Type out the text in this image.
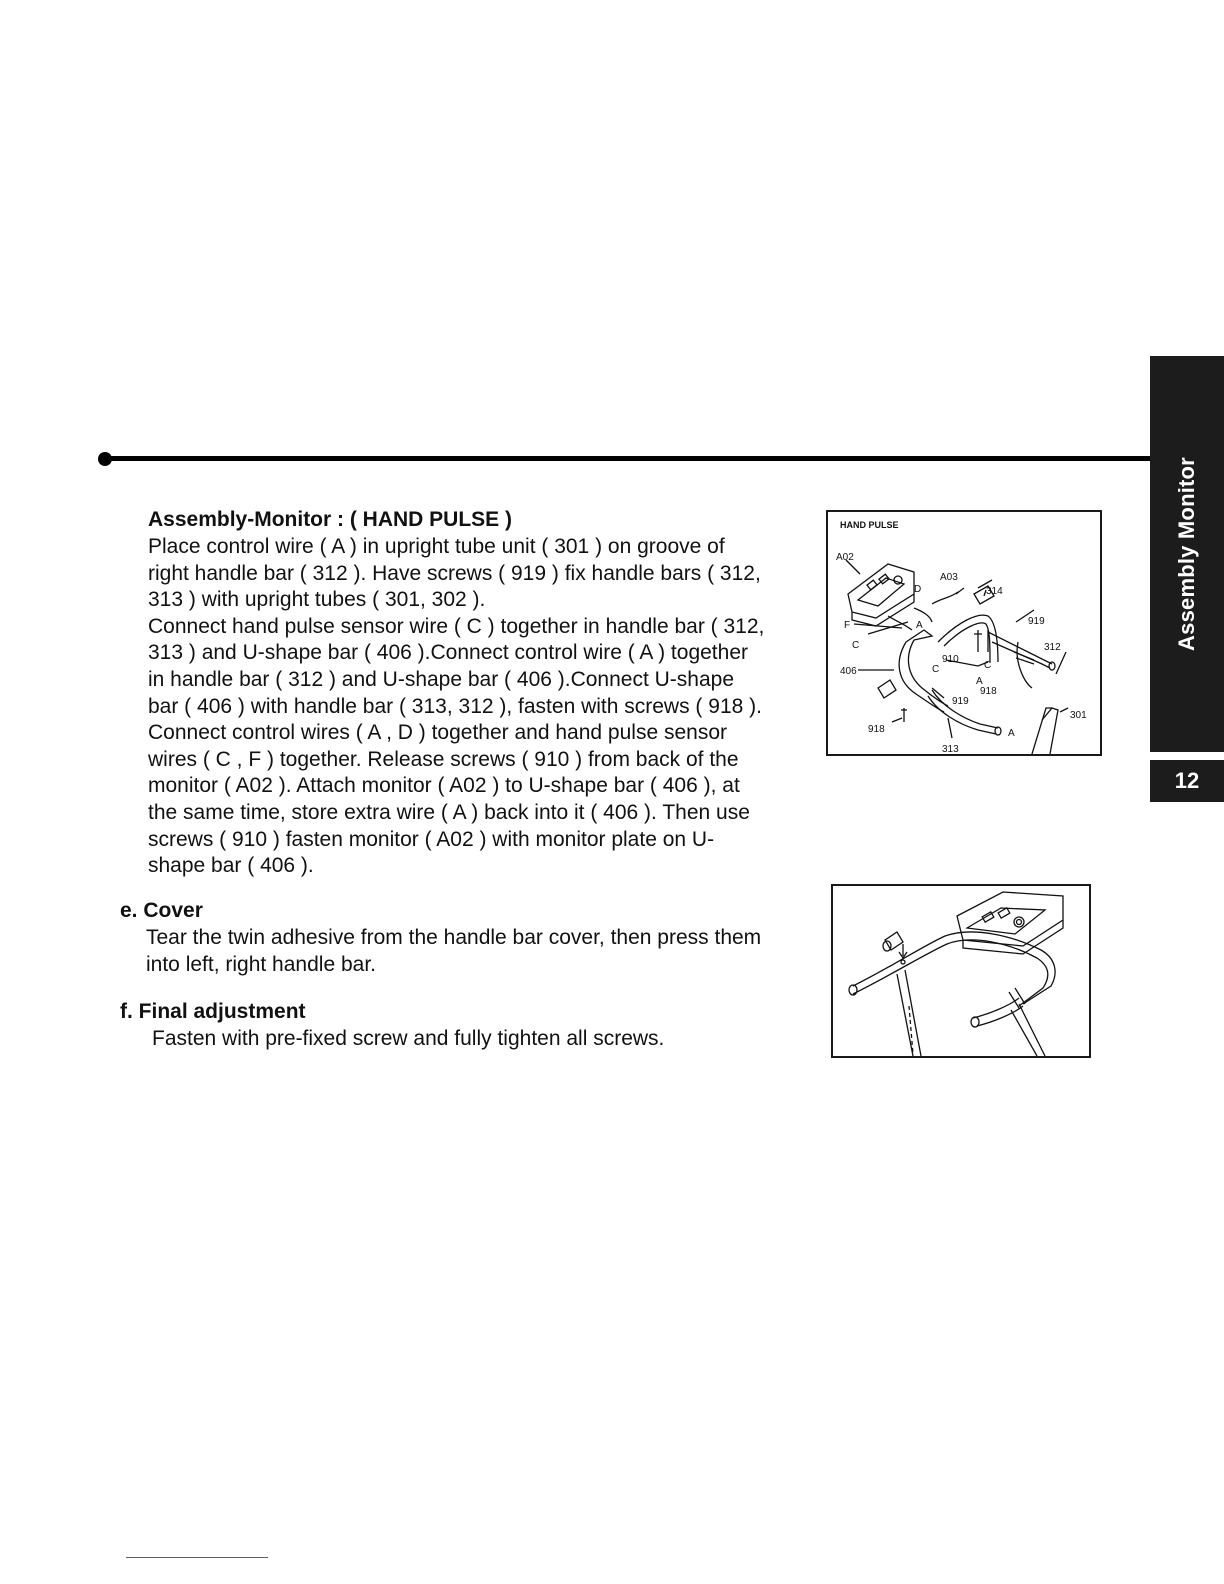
Assembly Monitor
12
Assembly-Monitor : ( HAND PULSE )
Place control wire ( A ) in upright tube unit ( 301 ) on groove of
right handle bar ( 312 ). Have screws ( 919 ) fix handle bars ( 312,
313 ) with upright tubes ( 301, 302 ).
Connect hand pulse sensor wire ( C ) together in handle bar ( 312,
313 ) and U-shape bar ( 406 ).Connect control wire ( A ) together
in handle bar ( 312 ) and U-shape bar ( 406 ).Connect U-shape
bar ( 406 ) with handle bar ( 313, 312 ), fasten with screws ( 918 ).
Connect control wires ( A , D ) together and hand pulse sensor
wires ( C , F ) together. Release screws ( 910 ) from back of the
monitor ( A02 ). Attach monitor ( A02 ) to U-shape bar ( 406 ), at
the same time, store extra wire ( A ) back into it ( 406 ). Then use
screws ( 910 ) fasten monitor ( A02 ) with monitor plate on U-
shape bar ( 406 ).
e. Cover
Tear the twin adhesive from the handle bar cover, then press them
into left, right handle bar.
f. Final adjustment
Fasten with pre-fixed screw and fully tighten all screws.
HAND PULSE
A02
A03
D
A
F
C
406
910
C
314
919
312
C
A
918
919
918
313
A
301
